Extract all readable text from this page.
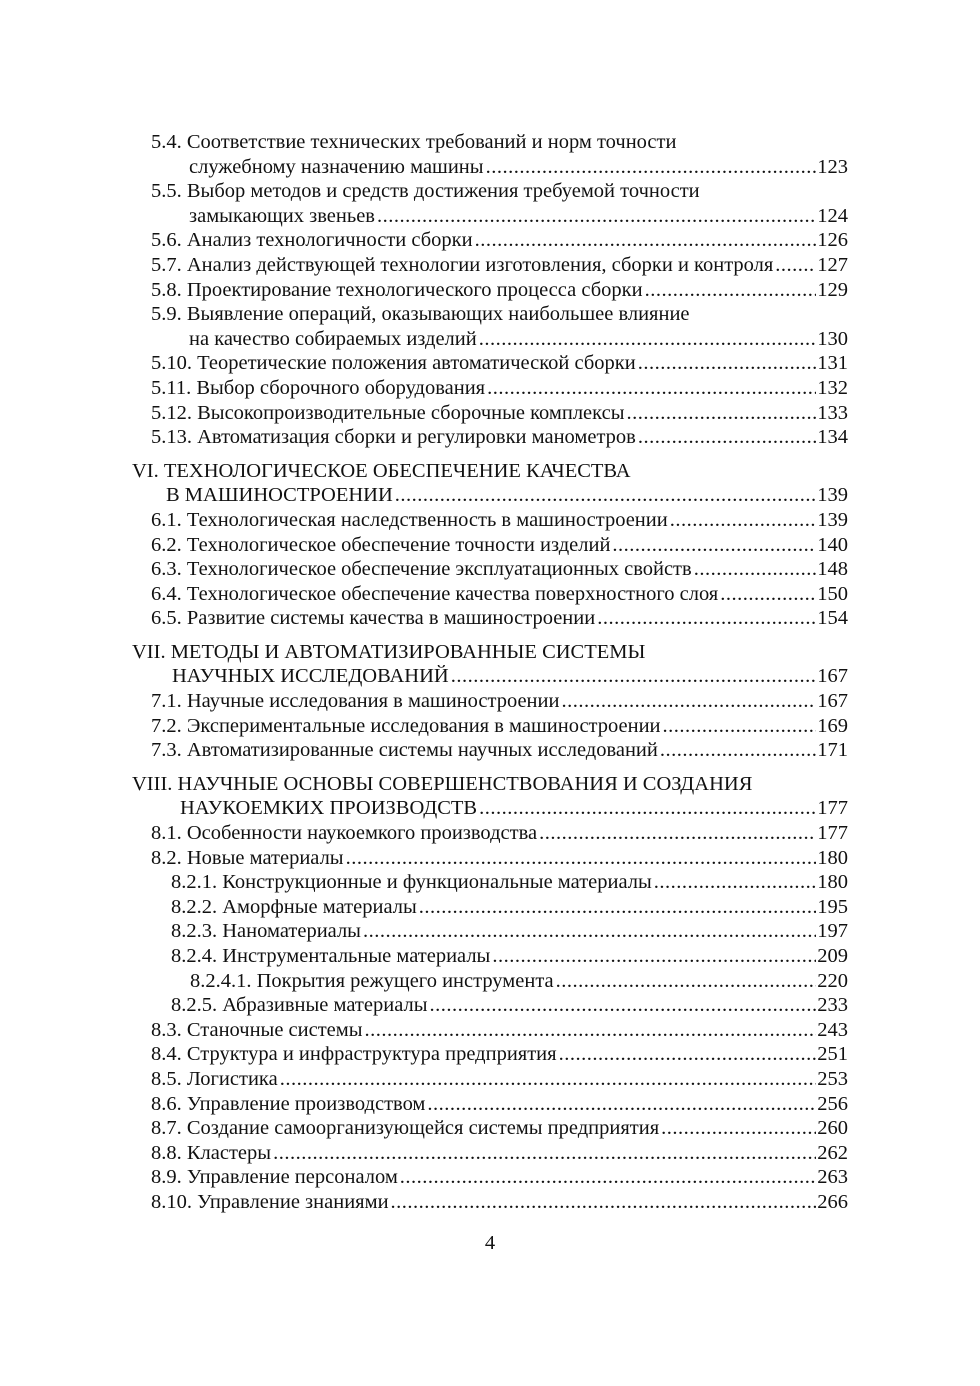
5.4. Соответствие технических требований и норм точности
служебному назначению машины .....	123
5.5. Выбор методов и средств достижения требуемой точности
замыкающих звеньев .....	124
5.6. Анализ технологичности сборки .....	126
5.7. Анализ действующей технологии изготовления, сборки и контроля ..... 127
5.8. Проектирование технологического процесса сборки .....	129
5.9. Выявление операций, оказывающих наибольшее влияние
на качество собираемых изделий .....	130
5.10. Теоретические положения автоматической сборки .....	131
5.11. Выбор сборочного оборудования .....	132
5.12. Высокопроизводительные сборочные комплексы .....	133
5.13. Автоматизация сборки и регулировки манометров .....	134
VI. ТЕХНОЛОГИЧЕСКОЕ ОБЕСПЕЧЕНИЕ КАЧЕСТВА
В МАШИНОСТРОЕНИИ .....	139
6.1. Технологическая наследственность в машиностроении .....	139
6.2. Технологическое обеспечение точности изделий .....	140
6.3. Технологическое обеспечение эксплуатационных свойств .....	148
6.4. Технологическое обеспечение качества поверхностного слоя .....	150
6.5. Развитие системы качества в машиностроении .....	154
VII. МЕТОДЫ И АВТОМАТИЗИРОВАННЫЕ СИСТЕМЫ
НАУЧНЫХ ИССЛЕДОВАНИЙ .....	167
7.1. Научные исследования в машиностроении .....	167
7.2. Экспериментальные исследования в машиностроении .....	169
7.3. Автоматизированные системы научных исследований .....	171
VIII. НАУЧНЫЕ ОСНОВЫ СОВЕРШЕНСТВОВАНИЯ И СОЗДАНИЯ
НАУКОЕМКИХ ПРОИЗВОДСТВ .....	177
8.1. Особенности наукоемкого производства .....	177
8.2. Новые материалы .....	180
8.2.1. Конструкционные и функциональные материалы .....	180
8.2.2. Аморфные материалы .....	195
8.2.3. Наноматериалы .....	197
8.2.4. Инструментальные материалы .....	209
8.2.4.1. Покрытия режущего инструмента .....	220
8.2.5. Абразивные материалы .....	233
8.3. Станочные системы .....	243
8.4. Структура и инфраструктура предприятия .....	251
8.5. Логистика .....	253
8.6. Управление производством .....	256
8.7. Создание самоорганизующейся системы предприятия .....	260
8.8. Кластеры .....	262
8.9. Управление персоналом .....	263
8.10. Управление знаниями .....	266
4
